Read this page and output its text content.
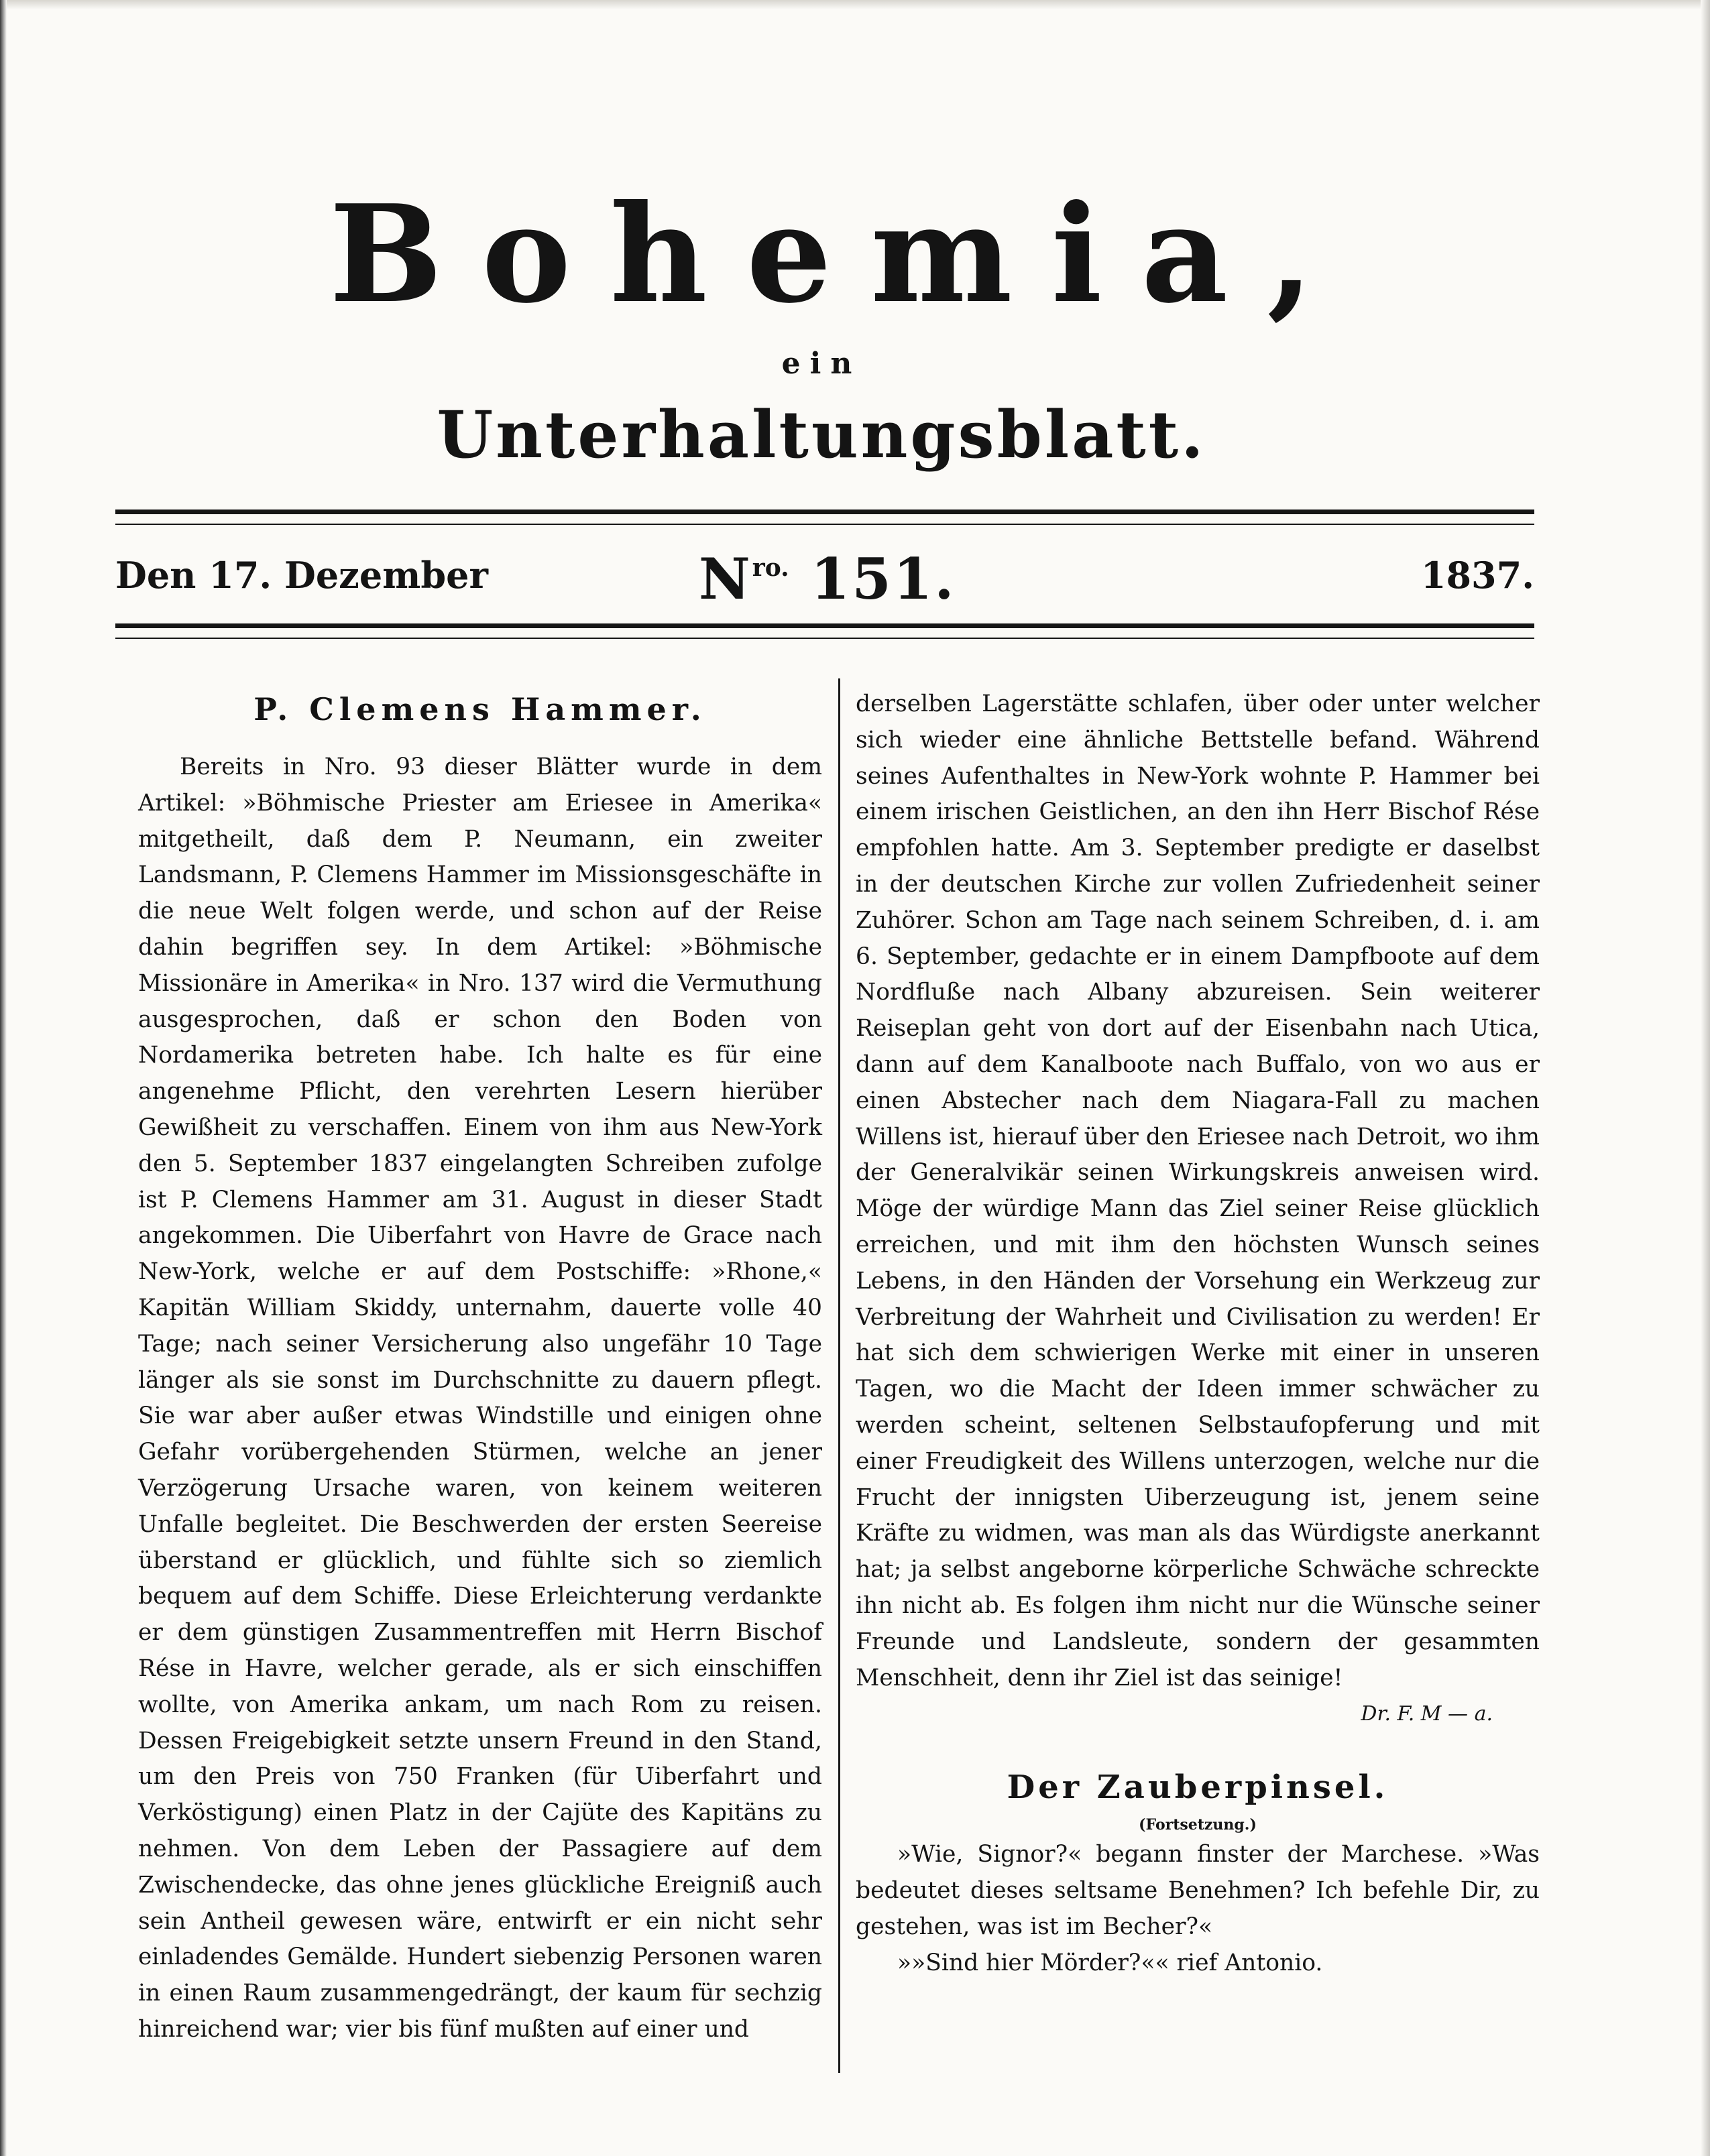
Bohemia,
ein
Unterhaltungsblatt.
Den 17. Dezember	$N^{ro.}$ 151.	1837.
P. Clemens Hammer.

Bereits in Nro. 93 dieser Blätter wurde in dem Artikel: »Böhmische Priester am Eriesee in Amerika« mitgetheilt, daß dem P. Neumann, ein zweiter Landsmann, P. Clemens Hammer im Missionsgeschäfte in die neue Welt folgen werde, und schon auf der Reise dahin begriffen sey. In dem Artikel: »Böhmische Missionäre in Amerika« in Nro. 137 wird die Vermuthung ausgesprochen, daß er schon den Boden von Nordamerika betreten habe. Ich halte es für eine angenehme Pflicht, den verehrten Lesern hierüber Gewißheit zu verschaffen. Einem von ihm aus New-York den 5. September 1837 eingelangten Schreiben zufolge ist P. Clemens Hammer am 31. August in dieser Stadt angekommen. Die Uiberfahrt von Havre de Grace nach New-York, welche er auf dem Postschiffe: »Rhone,« Kapitän William Skiddy, unternahm, dauerte volle 40 Tage; nach seiner Versicherung also ungefähr 10 Tage länger als sie sonst im Durchschnitte zu dauern pflegt. Sie war aber außer etwas Windstille und einigen ohne Gefahr vorübergehenden Stürmen, welche an jener Verzögerung Ursache waren, von keinem weiteren Unfalle begleitet. Die Beschwerden der ersten Seereise überstand er glücklich, und fühlte sich so ziemlich bequem auf dem Schiffe. Diese Erleichterung verdankte er dem günstigen Zusammentreffen mit Herrn Bischof Rése in Havre, welcher gerade, als er sich einschiffen wollte, von Amerika ankam, um nach Rom zu reisen. Dessen Freigebigkeit setzte unsern Freund in den Stand, um den Preis von 750 Franken (für Uiberfahrt und Verköstigung) einen Platz in der Cajüte des Kapitäns zu nehmen. Von dem Leben der Passagiere auf dem Zwischendecke, das ohne jenes glückliche Ereigniß auch sein Antheil gewesen wäre, entwirft er ein nicht sehr einladendes Gemälde. Hundert siebenzig Personen waren in einen Raum zusammengedrängt, der kaum für sechzig hinreichend war; vier bis fünf mußten auf einer und

derselben Lagerstätte schlafen, über oder unter welcher sich wieder eine ähnliche Bettstelle befand. Während seines Aufenthaltes in New-York wohnte P. Hammer bei einem irischen Geistlichen, an den ihn Herr Bischof Rése empfohlen hatte. Am 3. September predigte er daselbst in der deutschen Kirche zur vollen Zufriedenheit seiner Zuhörer. Schon am Tage nach seinem Schreiben, d. i. am 6. September, gedachte er in einem Dampfboote auf dem Nordfluße nach Albany abzureisen. Sein weiterer Reiseplan geht von dort auf der Eisenbahn nach Utica, dann auf dem Kanalboote nach Buffalo, von wo aus er einen Abstecher nach dem Niagara-Fall zu machen Willens ist, hierauf über den Eriesee nach Detroit, wo ihm der Generalvikär seinen Wirkungskreis anweisen wird. Möge der würdige Mann das Ziel seiner Reise glücklich erreichen, und mit ihm den höchsten Wunsch seines Lebens, in den Händen der Vorsehung ein Werkzeug zur Verbreitung der Wahrheit und Civilisation zu werden! Er hat sich dem schwierigen Werke mit einer in unseren Tagen, wo die Macht der Ideen immer schwächer zu werden scheint, seltenen Selbstaufopferung und mit einer Freudigkeit des Willens unterzogen, welche nur die Frucht der innigsten Uiberzeugung ist, jenem seine Kräfte zu widmen, was man als das Würdigste anerkannt hat; ja selbst angeborne körperliche Schwäche schreckte ihn nicht ab. Es folgen ihm nicht nur die Wünsche seiner Freunde und Landsleute, sondern der gesammten Menschheit, denn ihr Ziel ist das seinige!

Dr. F. M — a.
Der Zauberpinsel.
(Fortsetzung.)

»Wie, Signor?« begann finster der Marchese. »Was bedeutet dieses seltsame Benehmen? Ich befehle Dir, zu gestehen, was ist im Becher?«

»»Sind hier Mörder?«« rief Antonio.
